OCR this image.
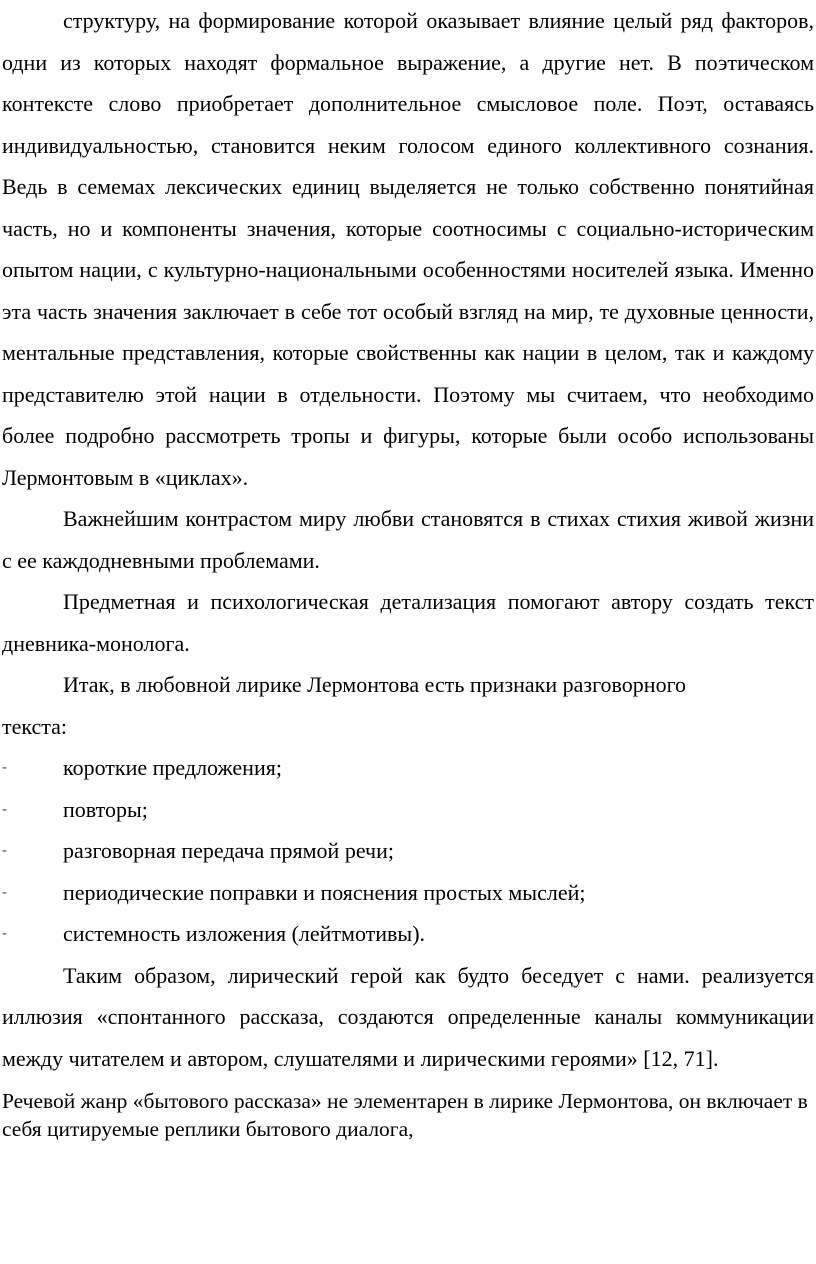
структуру, на формирование которой оказывает влияние целый ряд факторов, одни из которых находят формальное выражение, а другие нет. В поэтическом контексте слово приобретает дополнительное смысловое поле. Поэт, оставаясь индивидуальностью, становится неким голосом единого коллективного сознания. Ведь в семемах лексических единиц выделяется не только собственно понятийная часть, но и компоненты значения, которые соотносимы с социально-историческим опытом нации, с культурно-национальными особенностями носителей языка. Именно эта часть значения заключает в себе тот особый взгляд на мир, те духовные ценности, ментальные представления, которые свойственны как нации в целом, так и каждому представителю этой нации в отдельности. Поэтому мы считаем, что необходимо более подробно рассмотреть тропы и фигуры, которые были особо использованы Лермонтовым в «циклах».

Важнейшим контрастом миру любви становятся в стихах стихия живой жизни с ее каждодневными проблемами.

Предметная и психологическая детализация помогают автору создать текст дневника-монолога.

Итак, в любовной лирике Лермонтова есть признаки разговорного текста:

-	короткие предложения;
-	повторы;
-	разговорная передача прямой речи;
-	периодические поправки и пояснения простых мыслей;
-	системность изложения (лейтмотивы).

Таким образом, лирический герой как будто беседует с нами. реализуется иллюзия «спонтанного рассказа, создаются определенные каналы коммуникации между читателем и автором, слушателями и лирическими героями» [12, 71].

Речевой жанр «бытового рассказа» не элементарен в лирике Лермонтова, он включает в себя цитируемые реплики бытового диалога,
